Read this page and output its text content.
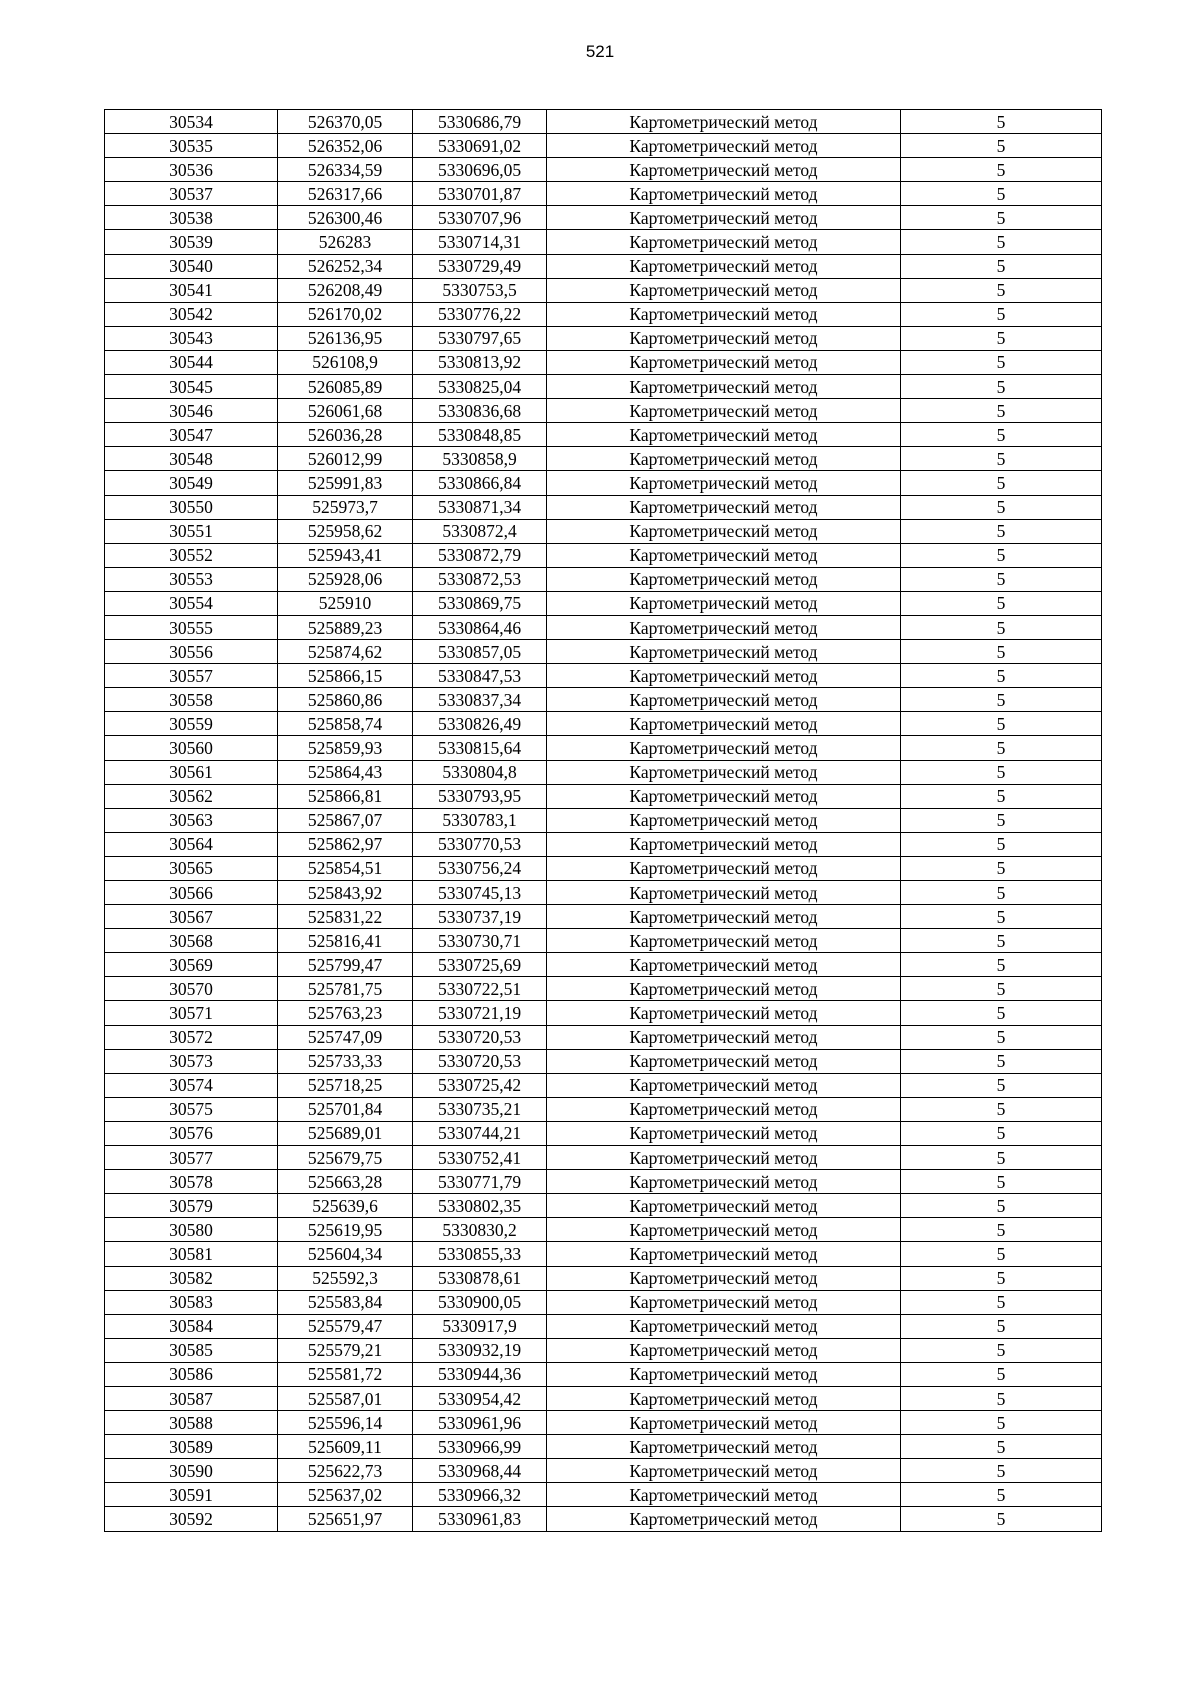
521
30534	526370,05	5330686,79	Картометрический метод	5
30535	526352,06	5330691,02	Картометрический метод	5
30536	526334,59	5330696,05	Картометрический метод	5
30537	526317,66	5330701,87	Картометрический метод	5
30538	526300,46	5330707,96	Картометрический метод	5
30539	526283	5330714,31	Картометрический метод	5
30540	526252,34	5330729,49	Картометрический метод	5
30541	526208,49	5330753,5	Картометрический метод	5
30542	526170,02	5330776,22	Картометрический метод	5
30543	526136,95	5330797,65	Картометрический метод	5
30544	526108,9	5330813,92	Картометрический метод	5
30545	526085,89	5330825,04	Картометрический метод	5
30546	526061,68	5330836,68	Картометрический метод	5
30547	526036,28	5330848,85	Картометрический метод	5
30548	526012,99	5330858,9	Картометрический метод	5
30549	525991,83	5330866,84	Картометрический метод	5
30550	525973,7	5330871,34	Картометрический метод	5
30551	525958,62	5330872,4	Картометрический метод	5
30552	525943,41	5330872,79	Картометрический метод	5
30553	525928,06	5330872,53	Картометрический метод	5
30554	525910	5330869,75	Картометрический метод	5
30555	525889,23	5330864,46	Картометрический метод	5
30556	525874,62	5330857,05	Картометрический метод	5
30557	525866,15	5330847,53	Картометрический метод	5
30558	525860,86	5330837,34	Картометрический метод	5
30559	525858,74	5330826,49	Картометрический метод	5
30560	525859,93	5330815,64	Картометрический метод	5
30561	525864,43	5330804,8	Картометрический метод	5
30562	525866,81	5330793,95	Картометрический метод	5
30563	525867,07	5330783,1	Картометрический метод	5
30564	525862,97	5330770,53	Картометрический метод	5
30565	525854,51	5330756,24	Картометрический метод	5
30566	525843,92	5330745,13	Картометрический метод	5
30567	525831,22	5330737,19	Картометрический метод	5
30568	525816,41	5330730,71	Картометрический метод	5
30569	525799,47	5330725,69	Картометрический метод	5
30570	525781,75	5330722,51	Картометрический метод	5
30571	525763,23	5330721,19	Картометрический метод	5
30572	525747,09	5330720,53	Картометрический метод	5
30573	525733,33	5330720,53	Картометрический метод	5
30574	525718,25	5330725,42	Картометрический метод	5
30575	525701,84	5330735,21	Картометрический метод	5
30576	525689,01	5330744,21	Картометрический метод	5
30577	525679,75	5330752,41	Картометрический метод	5
30578	525663,28	5330771,79	Картометрический метод	5
30579	525639,6	5330802,35	Картометрический метод	5
30580	525619,95	5330830,2	Картометрический метод	5
30581	525604,34	5330855,33	Картометрический метод	5
30582	525592,3	5330878,61	Картометрический метод	5
30583	525583,84	5330900,05	Картометрический метод	5
30584	525579,47	5330917,9	Картометрический метод	5
30585	525579,21	5330932,19	Картометрический метод	5
30586	525581,72	5330944,36	Картометрический метод	5
30587	525587,01	5330954,42	Картометрический метод	5
30588	525596,14	5330961,96	Картометрический метод	5
30589	525609,11	5330966,99	Картометрический метод	5
30590	525622,73	5330968,44	Картометрический метод	5
30591	525637,02	5330966,32	Картометрический метод	5
30592	525651,97	5330961,83	Картометрический метод	5
